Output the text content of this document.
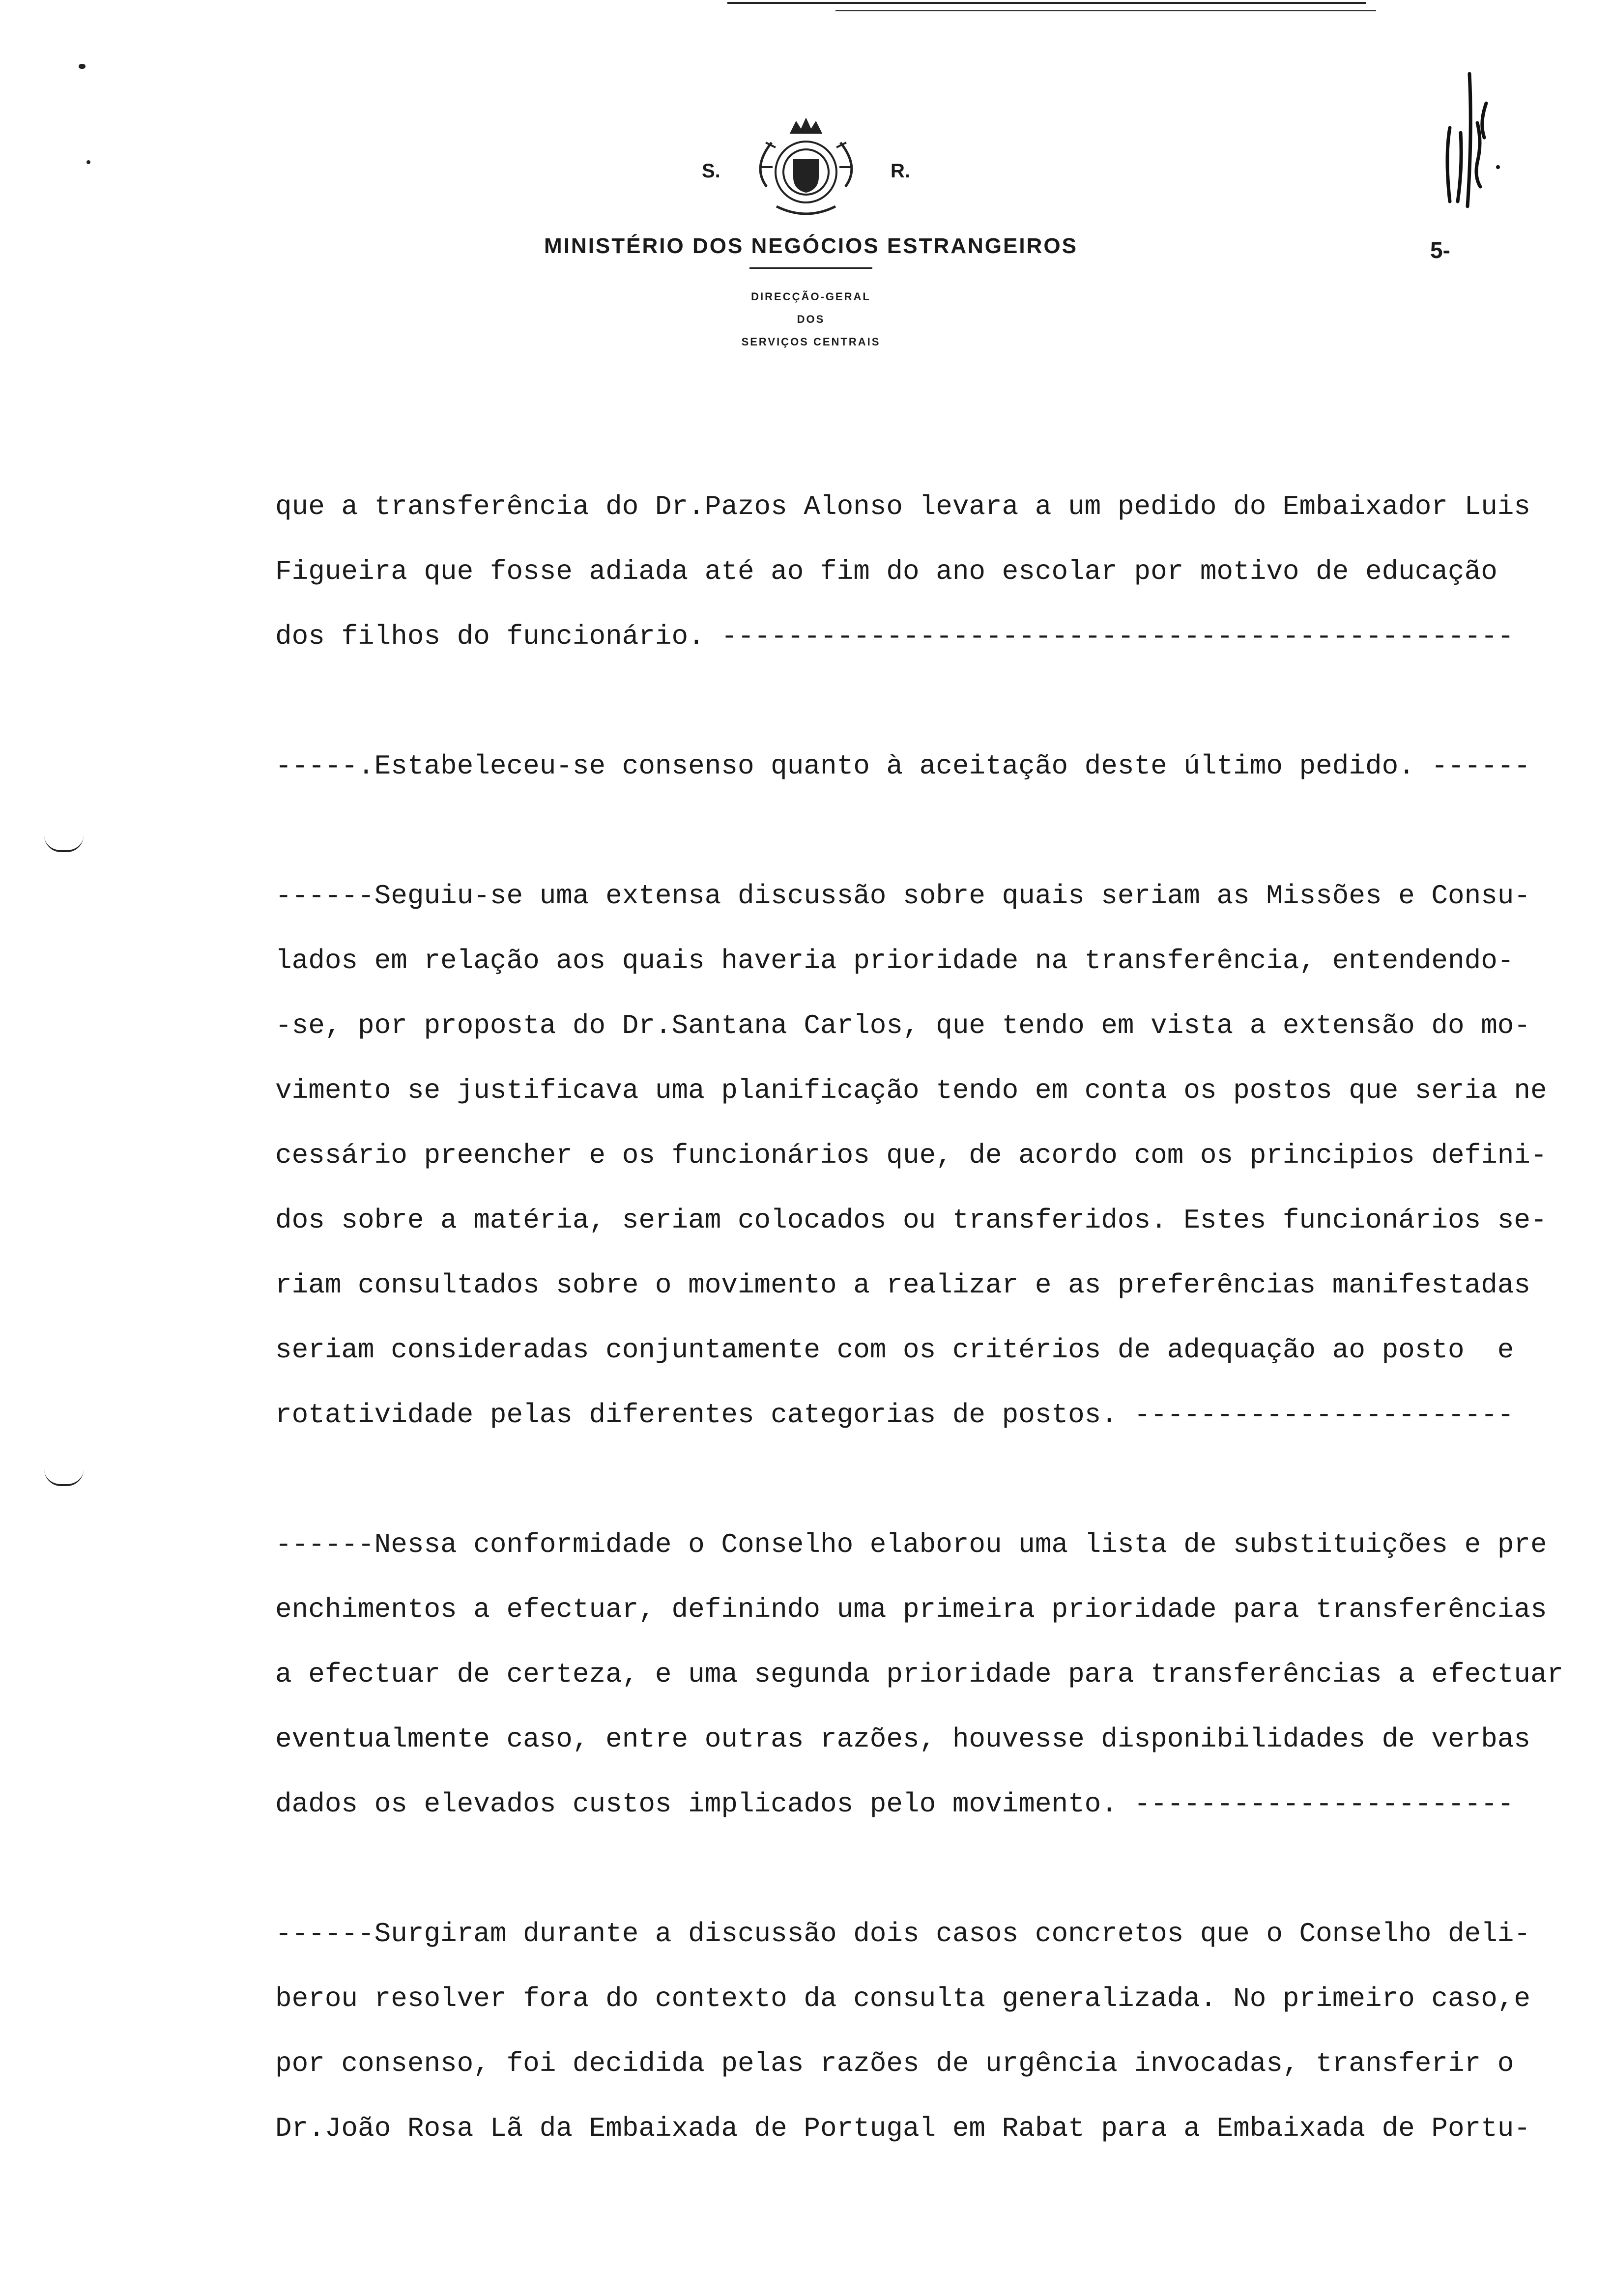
S.	R.
MINISTÉRIO DOS NEGÓCIOS ESTRANGEIROS
DIRECÇÃO-GERAL
DOS
SERVIÇOS CENTRAIS
5-

que a transferência do Dr.Pazos Alonso levara a um pedido do Embaixador Luis
Figueira que fosse adiada até ao fim do ano escolar por motivo de educação
dos filhos do funcionário. ------------------------------------------------

-----.Estabeleceu-se consenso quanto à aceitação deste último pedido. ------

------Seguiu-se uma extensa discussão sobre quais seriam as Missões e Consu-
lados em relação aos quais haveria prioridade na transferência, entendendo-
-se, por proposta do Dr.Santana Carlos, que tendo em vista a extensão do mo-
vimento se justificava uma planificação tendo em conta os postos que seria ne
cessário preencher e os funcionários que, de acordo com os principios defini-
dos sobre a matéria, seriam colocados ou transferidos. Estes funcionários se-
riam consultados sobre o movimento a realizar e as preferências manifestadas
seriam consideradas conjuntamente com os critérios de adequação ao posto  e
rotatividade pelas diferentes categorias de postos. -----------------------

------Nessa conformidade o Conselho elaborou uma lista de substituições e pre
enchimentos a efectuar, definindo uma primeira prioridade para transferências
a efectuar de certeza, e uma segunda prioridade para transferências a efectuar
eventualmente caso, entre outras razões, houvesse disponibilidades de verbas
dados os elevados custos implicados pelo movimento. -----------------------

------Surgiram durante a discussão dois casos concretos que o Conselho deli-
berou resolver fora do contexto da consulta generalizada. No primeiro caso,e
por consenso, foi decidida pelas razões de urgência invocadas, transferir o
Dr.João Rosa Lã da Embaixada de Portugal em Rabat para a Embaixada de Portu-
